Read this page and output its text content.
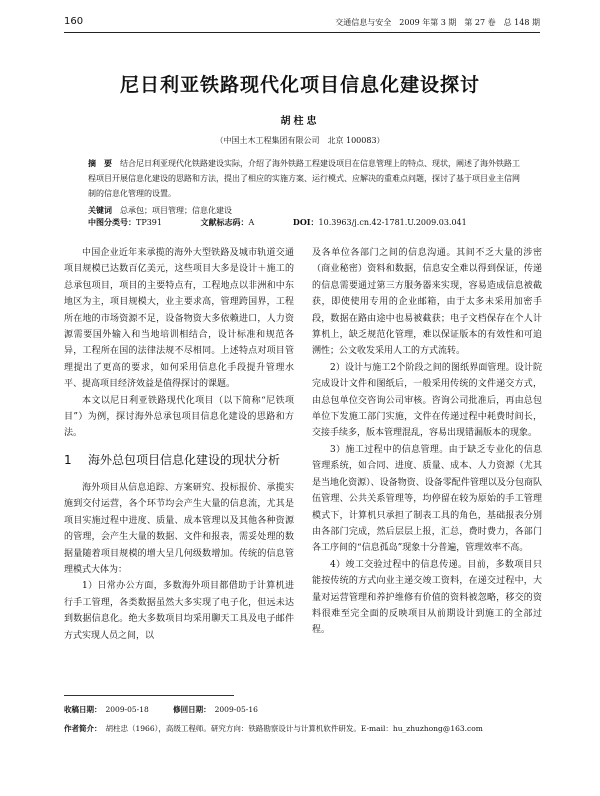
160	交通信息与安全　2009 年第 3 期　第 27 卷　总 148 期
尼日利亚铁路现代化项目信息化建设探讨
胡柱忠
（中国土木工程集团有限公司　北京 100083）
摘　要 结合尼日利亚现代化铁路建设实际，介绍了海外铁路工程建设项目在信息管理上的特点、现状，阐述了海外铁路工程项目开展信息化建设的思路和方法，提出了相应的实施方案、运行模式、应解决的重难点问题，探讨了基于项目业主信网制的信息化管理的设置。
关键词 总承包；项目管理；信息化建设
中图分类号：TP391	文献标志码：A	DOI：10.3963/j.cn.42-1781.U.2009.03.041

中国企业近年来承揽的海外大型铁路及城市轨道交通项目规模已达数百亿美元，这些项目大多是设计＋施工的总承包项目，项目的主要特点有，工程地点以非洲和中东地区为主，项目规模大，业主要求高，管理跨国界，工程所在地的市场资源不足，设备物资大多依赖进口，人力资源需要国外输入和当地培训相结合，设计标准和规范各异，工程所在国的法律法规不尽相同。上述特点对项目管理提出了更高的要求，如何采用信息化手段提升管理水平、提高项目经济效益是值得探讨的课题。

本文以尼日利亚铁路现代化项目（以下简称“尼铁项目”）为例，探讨海外总承包项目信息化建设的思路和方法。

1	海外总包项目信息化建设的现状分析

海外项目从信息追踪、方案研究、投标报价、承揽实施到交付运营，各个环节均会产生大量的信息流，尤其是项目实施过程中进度、质量、成本管理以及其他各种资源的管理，会产生大量的数据、文件和报表，需妥处理的数据量随着项目规模的增大呈几何级数增加。传统的信息管理模式大体为：

1）日常办公方面，多数海外项目都借助于计算机进行手工管理，各类数据虽然大多实现了电子化，但远未达到数据信息化。绝大多数项目均采用聊天工具及电子邮件方式实现人员之间，以

及各单位各部门之间的信息沟通。其间不乏大量的涉密（商业秘密）资料和数据，信息安全难以得到保证，传递的信息需要通过第三方服务器来实现，容易造成信息被截获，即使使用专用的企业邮箱，由于太多未采用加密手段，数据在路由途中也易被截获；电子文档保存在个人计算机上，缺乏规范化管理，难以保证版本的有效性和可追溯性；公文收发采用人工的方式流转。

2）设计与施工2个阶段之间的图纸界面管理。设计院完成设计文件和图纸后，一般采用传统的文件递交方式，由总包单位交咨询公司审核。咨询公司批准后，再由总包单位下发施工部门实施，文件在传递过程中耗费时间长，交接手续多，版本管理混乱，容易出现错漏版本的现象。

3）施工过程中的信息管理。由于缺乏专业化的信息管理系统，如合同、进度、质量、成本、人力资源（尤其是当地化资源）、设备物资、设备零配件管理以及分包商队伍管理、公共关系管理等，均停留在较为原始的手工管理模式下，计算机只承担了制表工具的角色，基础报表分别由各部门完成，然后层层上报，汇总，费时费力，各部门各工序间的“信息孤岛”现象十分普遍，管理效率不高。

4）竣工交验过程中的信息传递。目前，多数项目只能按传统的方式向业主递交竣工资料，在递交过程中，大量对运营管理和养护维修有价值的资料被忽略，移交的资料很难至完全面的反映项目从前期设计到施工的全部过程。

收稿日期： 2009-05-18	修回日期： 2009-05-16
作者简介： 胡柱忠（1966），高级工程师。研究方向：铁路勘察设计与计算机软件研发。E-mail：hu_zhuzhong@163.com
